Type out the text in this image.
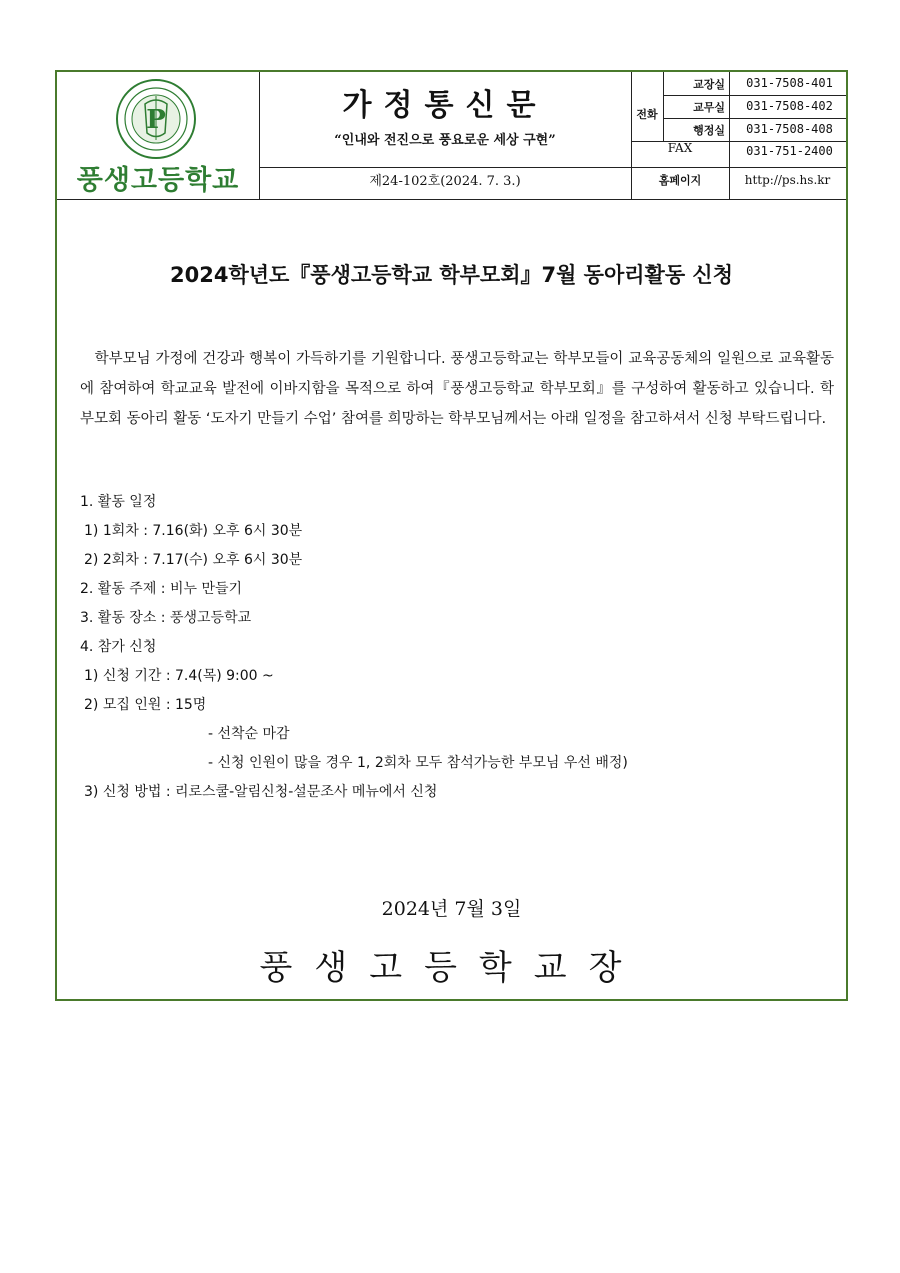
P
풍생고등학교
가정통신문
“인내와 전진으로 풍요로운 세상 구현”
제24-102호(2024. 7. 3.)
전화
교장실	031-7508-401
교무실	031-7508-402
행정실	031-7508-408
FAX	031-751-2400
홈페이지	http://ps.hs.kr
2024학년도『풍생고등학교 학부모회』7월 동아리활동 신청
학부모님 가정에 건강과 행복이 가득하기를 기원합니다. 풍생고등학교는 학부모들이 교육공동체의 일원으로 교육활동에 참여하여 학교교육 발전에 이바지함을 목적으로 하여『풍생고등학교 학부모회』를 구성하여 활동하고 있습니다. 학부모회 동아리 활동 ‘도자기 만들기 수업’ 참여를 희망하는 학부모님께서는 아래 일정을 참고하셔서 신청 부탁드립니다.
1. 활동 일정
1) 1회차 : 7.16(화) 오후 6시 30분
2) 2회차 : 7.17(수) 오후 6시 30분
2. 활동 주제 : 비누 만들기
3. 활동 장소 : 풍생고등학교
4. 참가 신청
1) 신청 기간 : 7.4(목) 9:00 ~
2) 모집 인원 : 15명
- 선착순 마감
- 신청 인원이 많을 경우 1, 2회차 모두 참석가능한 부모님 우선 배정)
3) 신청 방법 : 리로스쿨-알림신청-설문조사 메뉴에서 신청
2024년 7월 3일
풍생고등학교장
